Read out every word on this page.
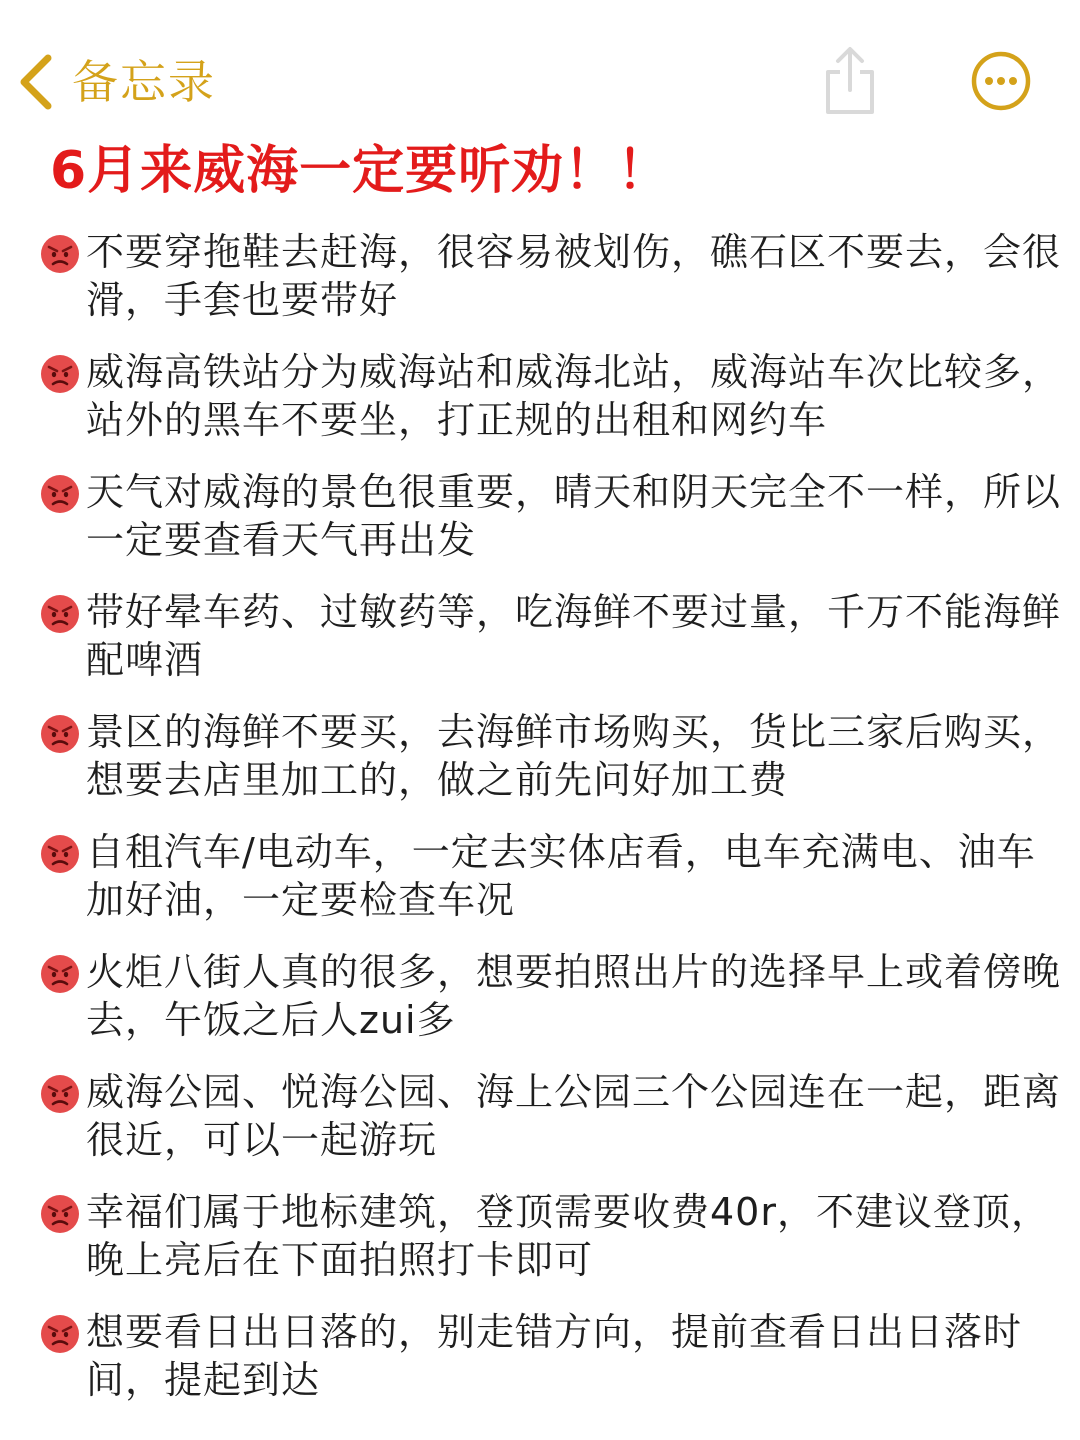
备忘录
6月来威海一定要听劝！！
不要穿拖鞋去赶海，很容易被划伤，礁石区不要去，会很滑，手套也要带好
威海高铁站分为威海站和威海北站，威海站车次比较多，站外的黑车不要坐，打正规的出租和网约车
天气对威海的景色很重要，晴天和阴天完全不一样，所以一定要查看天气再出发
带好晕车药、过敏药等，吃海鲜不要过量，千万不能海鲜配啤酒
景区的海鲜不要买，去海鲜市场购买，货比三家后购买，想要去店里加工的，做之前先问好加工费
自租汽车/电动车，一定去实体店看，电车充满电、油车加好油，一定要检查车况
火炬八街人真的很多，想要拍照出片的选择早上或着傍晚去，午饭之后人zui多
威海公园、悦海公园、海上公园三个公园连在一起，距离很近，可以一起游玩
幸福们属于地标建筑，登顶需要收费40r，不建议登顶，晚上亮后在下面拍照打卡即可
想要看日出日落的，别走错方向，提前查看日出日落时间，提起到达
